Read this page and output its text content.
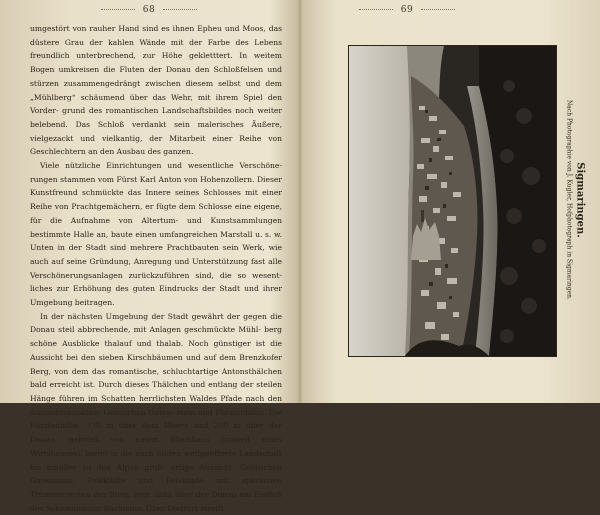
68

umgestört von rauher Hand sind es ihnen Epheu und Moos, das düstere Grau der kahlen Wände mit der Farbe des Lebens freundlich unterbrechend, zur Höhe gekletttert. In weitem Bogen umkreisen die Fluten der Donau den Schloßfelsen und stürzen zusammengedrängt zwischen diesem selbst und dem „Mühlberg“ schäumend über das Wehr, mit ihrem Spiel den Vorder- grund des romantischen Landschaftsbildes noch weiter belebend. Das Schloß verdankt sein malerisches Äußere, vielgezackt und vielkantig, der Mitarbeit einer Reihe von Geschlechtern an den Ausbau des ganzen.

Viele nützliche Einrichtungen und wesentliche Verschöne- rungen stammen vom Fürst Karl Anton von Hohenzollern. Dieser Kunstfreund schmückte das Innere seines Schlosses mit einer Reihe von Prachtgemächern, er fügte dem Schlosse eine eigene, für die Aufnahme von Altertum- und Kunstsammlungen bestimmte Halle an, baute einen umfangreichen Marstall u. s. w. Unten in der Stadt sind mehrere Prachtbauten sein Werk, wie auch auf seine Gründung, Anregung und Unterstützung fast alle Verschönerungsanlagen zurückzuführen sind, die so wesent- liches zur Erhöhung des guten Eindrucks der Stadt und ihrer Umgebung beitragen.

In der nächsten Umgebung der Stadt gewährt der gegen die Donau steil abbrechende, mit Anlagen geschmückte Mühl- berg schöne Ausblicke thalauf und thalab. Noch günstiger ist die Aussicht bei den sieben Kirschbäumen und auf dem Brenzkofer Berg, von dem das romantische, schluchtartige Antonsthälchen bald erreicht ist. Durch dieses Thälchen und entlang der steilen Hänge führen im Schatten herrlichsten Waldes Pfade nach den Aussichtspunkten: Gebrochen Guten- stein und Fürstenhöhe. Die Fürstenhöhe, 770 m über dem Meere und 200 m über der Donau, gekrönt von einem Blockhaus (unweit eines Wirtshauses), bietet in die nach Süden weitgeöffnete Landschaft bis hinüber zu den Alpen groß- artige Aussicht. Gebrochen Gutenstein, Felsklüfte und Felsköpfe mit spärlichen Trümmerresten der Burg, liegt links über der Donau am Einfluß des Schwenninger Bächleins. Über Dietfurt streift

69
Sigmaringen.
Nach Photographie von J. Kugler, Hofphotograph in Sigmaringen.
